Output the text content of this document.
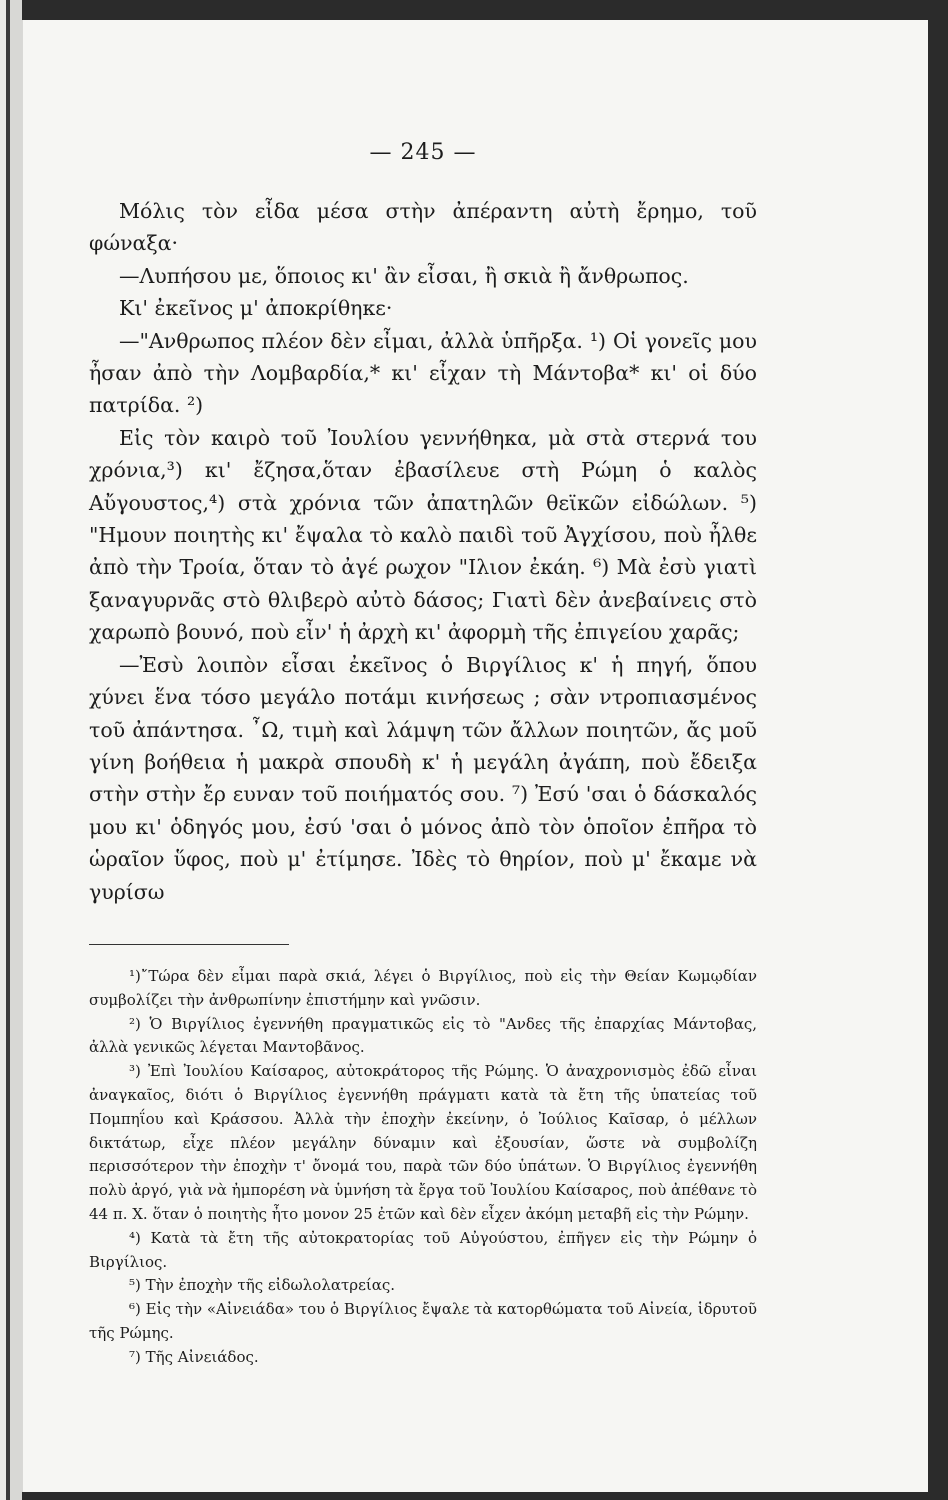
— 245 —

Μόλις τὸν εἶδα μέσα στὴν ἀπέραντη αὐτὴ ἔρημο, τοῦ φώναξα·

—Λυπήσου με, ὅποιος κι' ἂν εἶσαι, ἢ σκιὰ ἢ ἄνθρωπος.

Κι' ἐκεῖνος μ' ἀποκρίθηκε·

—"Ανθρωπος πλέον δὲν εἶμαι, ἀλλὰ ὑπῆρξα. ¹) Οἱ γονεῖς μου ἦσαν ἀπὸ τὴν Λομβαρδία,* κι' εἶχαν τὴ Μάντοβα* κι' οἱ δύο πατρίδα. ²)

Εἰς τὸν καιρὸ τοῦ Ἰουλίου γεννήθηκα, μὰ στὰ στερνά του χρόνια,³) κι' ἔζησα,ὅταν ἐβασίλευε στὴ Ρώμη ὁ καλὸς Αὔγουστος,⁴) στὰ χρόνια τῶν ἀπατηλῶν θεϊκῶν εἰδώλων. ⁵) "Ημουν ποιητὴς κι' ἔψαλα τὸ καλὸ παιδὶ τοῦ Ἀγχίσου, ποὺ ἦλθε ἀπὸ τὴν Τροία, ὅταν τὸ ἀγέ ρωχον "Ιλιον ἐκάη. ⁶) Μὰ ἐσὺ γιατὶ ξαναγυρνᾶς στὸ θλιβερὸ αὐτὸ δάσος; Γιατὶ δὲν ἀνεβαίνεις στὸ χαρωπὸ βουνό, ποὺ εἶν' ἡ ἀρχὴ κι' ἀφορμὴ τῆς ἐπιγείου χαρᾶς;

—Ἐσὺ λοιπὸν εἶσαι ἐκεῖνος ὁ Βιργίλιος κ' ἡ πηγή, ὅπου χύνει ἕνα τόσο μεγάλο ποτάμι κινήσεως ; σὰν ντροπιασμένος τοῦ ἀπάντησα. ῏Ω, τιμὴ καὶ λάμψη τῶν ἄλλων ποιητῶν, ἄς μοῦ γίνη βοήθεια ἡ μακρὰ σπουδὴ κ' ἡ μεγάλη ἀγάπη, ποὺ ἔδειξα στὴν στὴν ἔρ ευναν τοῦ ποιήματός σου. ⁷) Ἐσύ 'σαι ὁ δάσκαλός μου κι' ὁδηγός μου, ἐσύ 'σαι ὁ μόνος ἀπὸ τὸν ὁποῖον ἐπῆρα τὸ ὡραῖον ὕφος, ποὺ μ' ἐτίμησε. Ἰδὲς τὸ θηρίον, ποὺ μ' ἔκαμε νὰ γυρίσω

¹)῎Τώρα δὲν εἶμαι παρὰ σκιά, λέγει ὁ Βιργίλιος, ποὺ εἰς τὴν Θείαν Κωμῳδίαν συμβολίζει τὴν ἀνθρωπίνην ἐπιστήμην καὶ γνῶσιν.

²) Ὁ Βιργίλιος ἐγεννήθη πραγματικῶς εἰς τὸ "Ανδες τῆς ἐπαρχίας Μάντοβας, ἀλλὰ γενικῶς λέγεται Μαντοβᾶνος.

³) Ἐπὶ Ἰουλίου Καίσαρος, αὐτοκράτορος τῆς Ρώμης. Ὁ ἀναχρονισμὸς ἐδῶ εἶναι ἀναγκαῖος, διότι ὁ Βιργίλιος ἐγεννήθη πράγματι κατὰ τὰ ἔτη τῆς ὑπατείας τοῦ Πομπηΐου καὶ Κράσσου. Ἀλλὰ τὴν ἐποχὴν ἐκείνην, ὁ Ἰούλιος Καῖσαρ, ὁ μέλλων δικτάτωρ, εἶχε πλέον μεγάλην δύναμιν καὶ ἐξουσίαν, ὥστε νὰ συμβολίζη περισσότερον τὴν ἐποχὴν τ' ὄνομά του, παρὰ τῶν δύο ὑπάτων. Ὁ Βιργίλιος ἐγεννήθη πολὺ ἀργό, γιὰ νὰ ἠμπορέση νὰ ὑμνήση τὰ ἔργα τοῦ Ἰουλίου Καίσαρος, ποὺ ἀπέθανε τὸ 44 π. Χ. ὅταν ὁ ποιητὴς ἦτο μονον 25 ἐτῶν καὶ δὲν εἶχεν ἀκόμη μεταβῆ εἰς τὴν Ρώμην.

⁴) Κατὰ τὰ ἔτη τῆς αὐτοκρατορίας τοῦ Αὐγούστου, ἐπῆγεν εἰς τὴν Ρώμην ὁ Βιργίλιος.

⁵) Τὴν ἐποχὴν τῆς εἰδωλολατρείας.

⁶) Εἰς τὴν «Αἰνειάδα» του ὁ Βιργίλιος ἔψαλε τὰ κατορθώματα τοῦ Αἰνεία, ἱδρυτοῦ τῆς Ρώμης.

⁷) Τῆς Αἰνειάδος.
